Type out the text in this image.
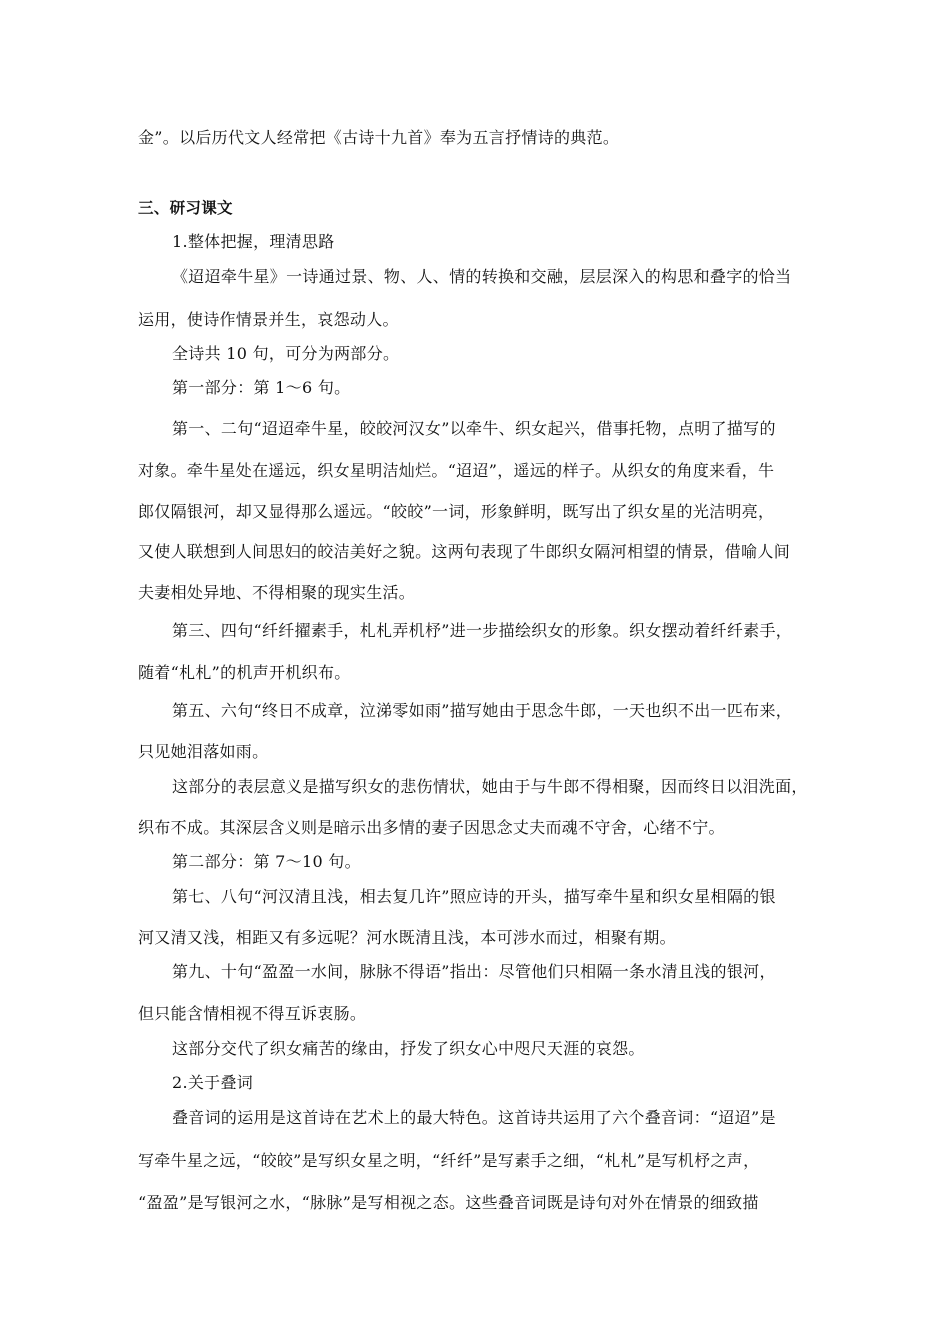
金”。以后历代文人经常把《古诗十九首》奉为五言抒情诗的典范。
三、研习课文
1.整体把握，理清思路
《迢迢牵牛星》一诗通过景、物、人、情的转换和交融，层层深入的构思和叠字的恰当
运用，使诗作情景并生，哀怨动人。
全诗共 10 句，可分为两部分。
第一部分：第 1～6 句。
第一、二句“迢迢牵牛星，皎皎河汉女”以牵牛、织女起兴，借事托物，点明了描写的
对象。牵牛星处在遥远，织女星明洁灿烂。“迢迢”，遥远的样子。从织女的角度来看，牛
郎仅隔银河，却又显得那么遥远。“皎皎”一词，形象鲜明，既写出了织女星的光洁明亮，
又使人联想到人间思妇的皎洁美好之貌。这两句表现了牛郎织女隔河相望的情景，借喻人间
夫妻相处异地、不得相聚的现实生活。
第三、四句“纤纤擢素手，札札弄机杼”进一步描绘织女的形象。织女摆动着纤纤素手，
随着“札札”的机声开机织布。
第五、六句“终日不成章，泣涕零如雨”描写她由于思念牛郎，一天也织不出一匹布来，
只见她泪落如雨。
这部分的表层意义是描写织女的悲伤情状，她由于与牛郎不得相聚，因而终日以泪洗面，
织布不成。其深层含义则是暗示出多情的妻子因思念丈夫而魂不守舍，心绪不宁。
第二部分：第 7～10 句。
第七、八句“河汉清且浅，相去复几许”照应诗的开头，描写牵牛星和织女星相隔的银
河又清又浅，相距又有多远呢？河水既清且浅，本可涉水而过，相聚有期。
第九、十句“盈盈一水间，脉脉不得语”指出：尽管他们只相隔一条水清且浅的银河，
但只能含情相视不得互诉衷肠。
这部分交代了织女痛苦的缘由，抒发了织女心中咫尺天涯的哀怨。
2.关于叠词
叠音词的运用是这首诗在艺术上的最大特色。这首诗共运用了六个叠音词：“迢迢”是
写牵牛星之远，“皎皎”是写织女星之明，“纤纤”是写素手之细，“札札”是写机杼之声，
“盈盈”是写银河之水，“脉脉”是写相视之态。这些叠音词既是诗句对外在情景的细致描
